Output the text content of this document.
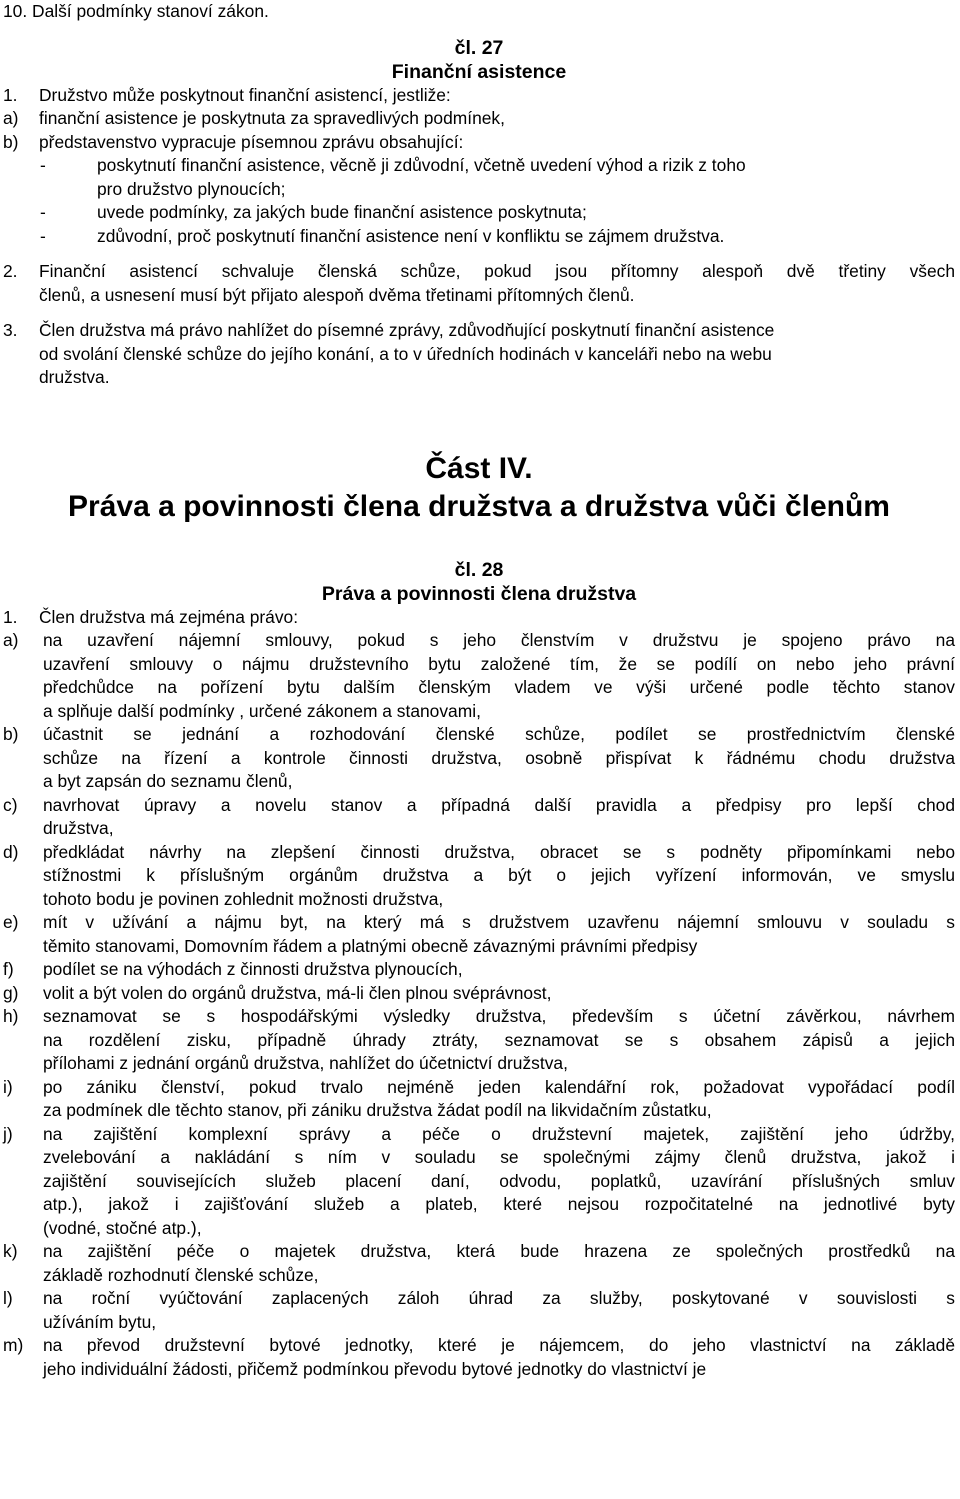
10. Další podmínky stanoví zákon.
čl. 27
Finanční asistence
1.	Družstvo může poskytnout finanční asistencí, jestliže:
a)	finanční asistence je poskytnuta za spravedlivých podmínek,
b)	představenstvo vypracuje písemnou zprávu obsahující:
-	poskytnutí finanční asistence, věcně ji zdůvodní, včetně uvedení výhod a rizik z toho
pro družstvo plynoucích;
-	uvede podmínky, za jakých bude finanční asistence poskytnuta;
-	zdůvodní, proč poskytnutí finanční asistence není v konfliktu se zájmem družstva.
2.	Finanční asistencí schvaluje členská schůze, pokud jsou přítomny alespoň dvě třetiny všech
členů, a usnesení musí být přijato alespoň dvěma třetinami přítomných členů.
3.	Člen družstva má právo nahlížet do písemné zprávy, zdůvodňující poskytnutí finanční asistence
od svolání členské schůze do jejího konání, a to v úředních hodinách v kanceláři nebo na webu
družstva.
Část IV.
Práva a povinnosti člena družstva a družstva vůči členům
čl. 28
Práva a povinnosti člena družstva
1.	Člen družstva má zejména právo:
a)	na uzavření nájemní smlouvy, pokud s jeho členstvím v družstvu je spojeno právo na
uzavření smlouvy o nájmu družstevního bytu založené tím, že se podílí on nebo jeho právní
předchůdce na pořízení bytu dalším členským vladem ve výši určené podle těchto stanov
a splňuje další podmínky , určené zákonem a stanovami,
b)	účastnit se jednání a rozhodování členské schůze, podílet se prostřednictvím členské
schůze na řízení a kontrole činnosti družstva, osobně přispívat k řádnému chodu družstva
a byt zapsán do seznamu členů,
c)	navrhovat úpravy a novelu stanov a případná další pravidla a předpisy pro lepší chod
družstva,
d)	předkládat návrhy na zlepšení činnosti družstva, obracet se s podněty připomínkami nebo
stížnostmi k příslušným orgánům družstva a být o jejich vyřízení informován, ve smyslu
tohoto bodu je povinen zohlednit možnosti družstva,
e)	mít v užívání a nájmu byt, na který má s družstvem uzavřenu nájemní smlouvu v souladu s
těmito stanovami, Domovním řádem a platnými obecně závaznými právními předpisy
f)	podílet se na výhodách z činnosti družstva plynoucích,
g)	volit a být volen do orgánů družstva, má-li člen plnou svéprávnost,
h)	seznamovat se s hospodářskými výsledky družstva, především s účetní závěrkou, návrhem
na rozdělení zisku, případně úhrady ztráty, seznamovat se s obsahem zápisů a jejich
přílohami z jednání orgánů družstva, nahlížet do účetnictví družstva,
i)	po zániku členství, pokud trvalo nejméně jeden kalendářní rok, požadovat vypořádací podíl
za podmínek dle těchto stanov, při zániku družstva žádat podíl na likvidačním zůstatku,
j)	na zajištění komplexní správy a péče o družstevní majetek, zajištění jeho údržby,
zvelebování a nakládání s ním v souladu se společnými zájmy členů družstva, jakož i
zajištění souvisejících služeb placení daní, odvodu, poplatků, uzavírání příslušných smluv
atp.), jakož i zajišťování služeb a plateb, které nejsou rozpočitatelné na jednotlivé byty
(vodné, stočné atp.),
k)	na zajištění péče o majetek družstva, která bude hrazena ze společných prostředků na
základě rozhodnutí členské schůze,
l)	na roční vyúčtování zaplacených záloh úhrad za služby, poskytované v souvislosti s
užíváním bytu,
m)	na převod družstevní bytové jednotky, které je nájemcem, do jeho vlastnictví na základě
jeho individuální žádosti, přičemž podmínkou převodu bytové jednotky do vlastnictví je
